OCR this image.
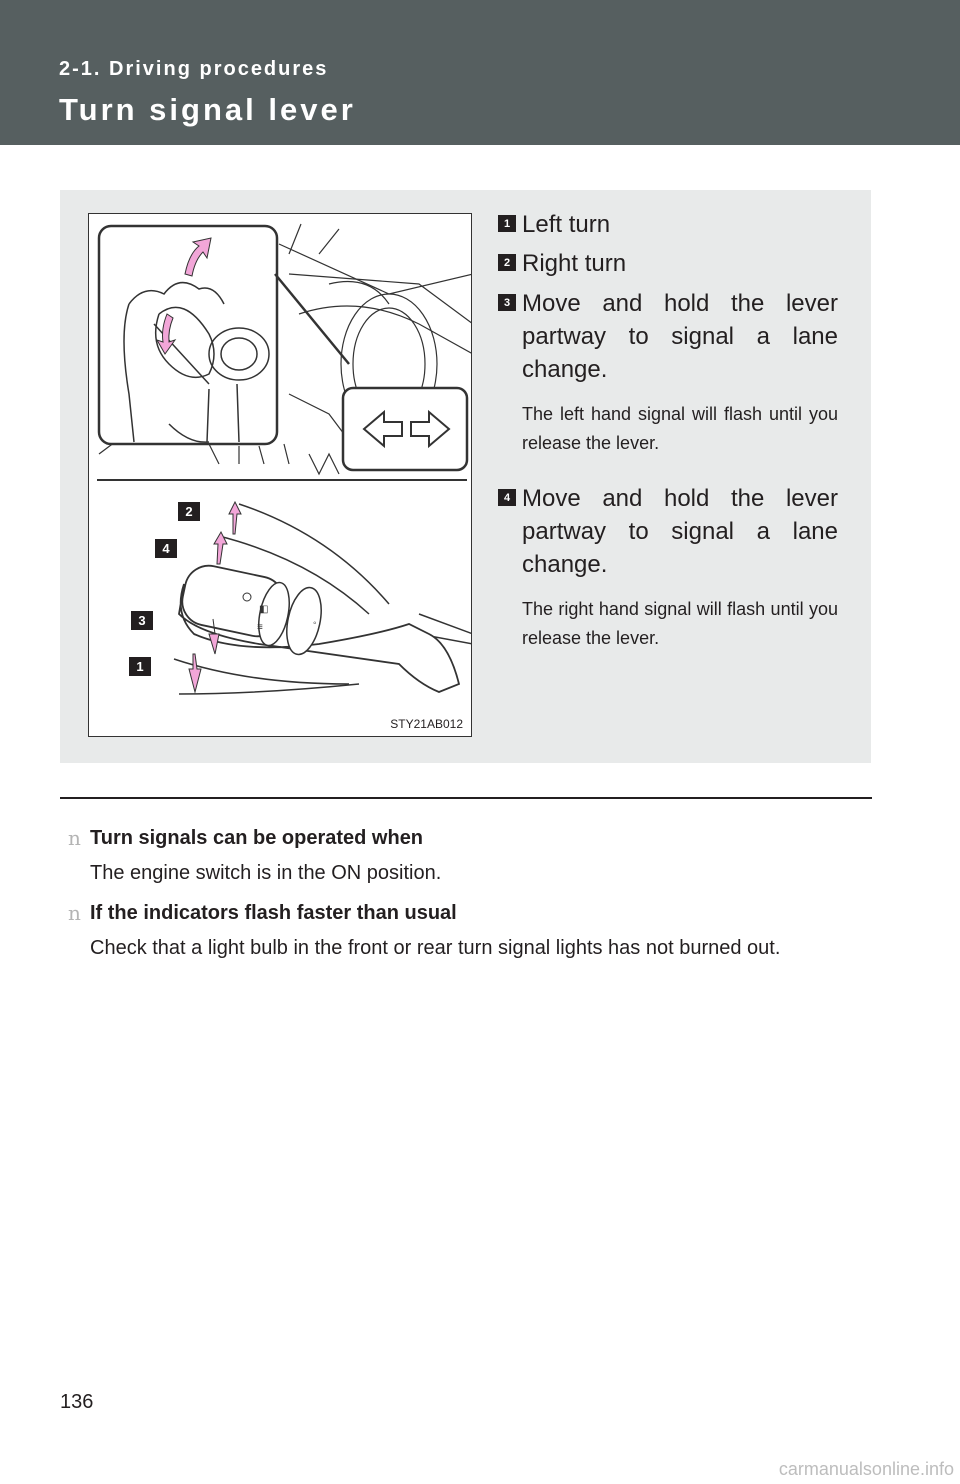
2-1. Driving procedures
Turn signal lever
◧
≡	◦
2
4
3
1
STY21AB012
1 Left turn
2 Right turn
3 Move and hold the lever partway to signal a lane change.
The left hand signal will flash until you release the lever.
4 Move and hold the lever partway to signal a lane change.
The right hand signal will flash until you release the lever.
n Turn signals can be operated when
The engine switch is in the ON position.
n If the indicators flash faster than usual
Check that a light bulb in the front or rear turn signal lights has not burned out.
136
carmanualsonline.info
